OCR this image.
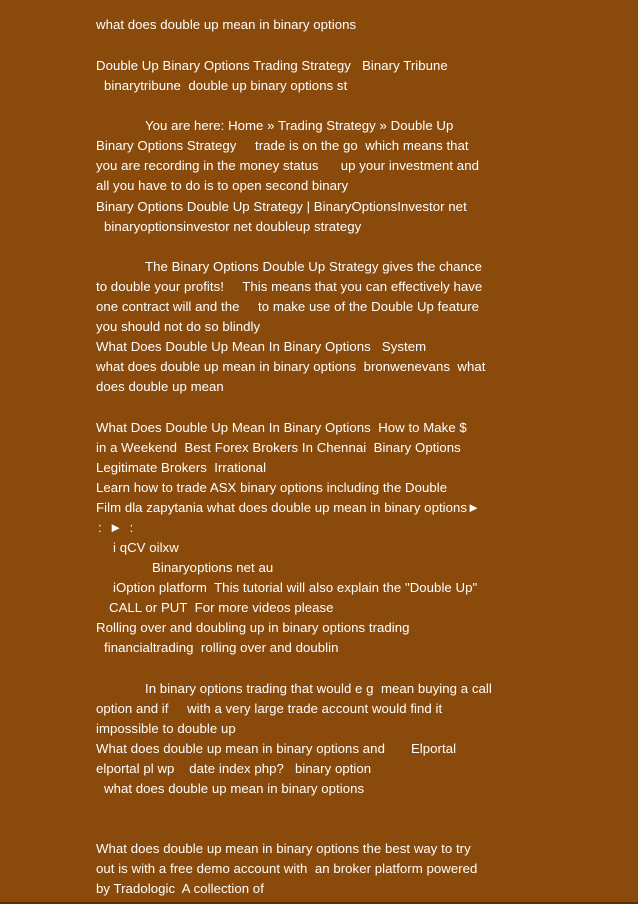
what does double up mean in binary options
Double Up Binary Options Trading Strategy   Binary Tribune
binarytribune  double up binary options st
You are here: Home » Trading Strategy » Double Up
Binary Options Strategy     trade is on the go  which means that
you are recording in the money status      up your investment and
all you have to do is to open second binary
Binary Options Double Up Strategy | BinaryOptionsInvestor net
binaryoptionsinvestor net doubleup strategy
The Binary Options Double Up Strategy gives the chance
to double your profits!     This means that you can effectively have
one contract will and the     to make use of the Double Up feature
you should not do so blindly
What Does Double Up Mean In Binary Options   System
what does double up mean in binary options  bronwenevans  what
does double up mean
What Does Double Up Mean In Binary Options  How to Make $
in a Weekend  Best Forex Brokers In Chennai  Binary Options
Legitimate Brokers  Irrational
Learn how to trade ASX binary options including the Double
Film dla zapytania what does double up mean in binary options►
:  ►  :
i qCV oilxw
Binaryoptions net au
iOption platform  This tutorial will also explain the "Double Up"
CALL or PUT  For more videos please
Rolling over and doubling up in binary options trading
financialtrading  rolling over and doublin
In binary options trading that would e g  mean buying a call
option and if     with a very large trade account would find it
impossible to double up
What does double up mean in binary options and       Elportal
elportal pl wp    date index php?   binary option
what does double up mean in binary options
What does double up mean in binary options the best way to try
out is with a free demo account with  an broker platform powered
by Tradologic  A collection of
